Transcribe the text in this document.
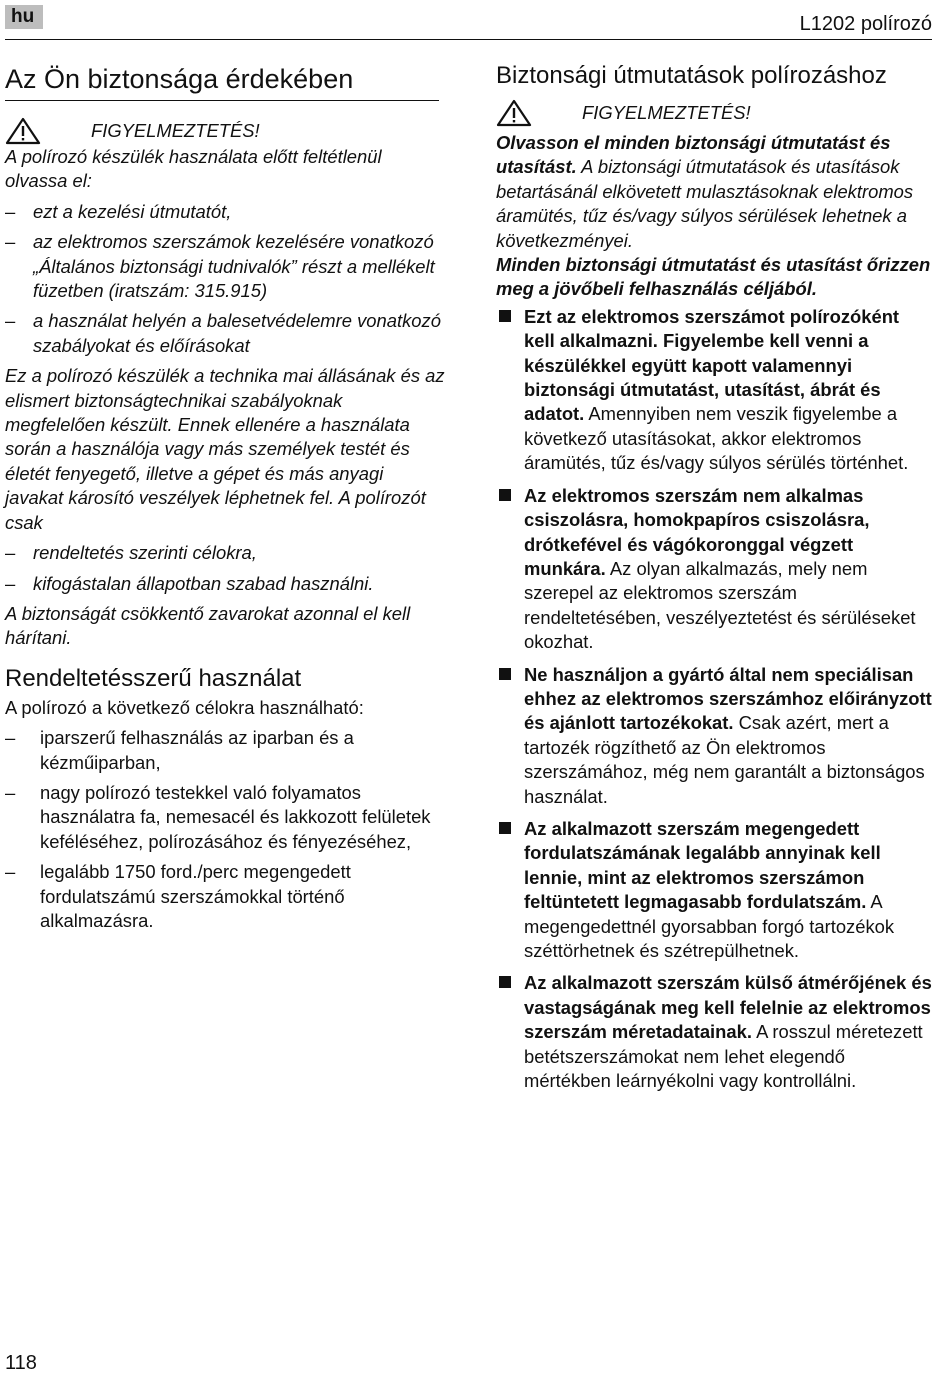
hu	L1202 polírozó
Az Ön biztonsága érdekében
FIGYELMEZTETÉS!

A polírozó készülék használata előtt feltétlenül olvassa el:

– ezt a kezelési útmutatót,
– az elektromos szerszámok kezelésére vonatkozó „Általános biztonsági tudnivalók” részt a mellékelt füzetben (iratszám: 315.915)
– a használat helyén a balesetvédelemre vonatkozó szabályokat és előírásokat

Ez a polírozó készülék a technika mai állásának és az elismert biztonságtechnikai szabályoknak megfelelően készült. Ennek ellenére a használata során a használója vagy más személyek testét és életét fenyegető, illetve a gépet és más anyagi javakat károsító veszélyek léphetnek fel. A polírozót csak

– rendeltetés szerinti célokra,
– kifogástalan állapotban szabad használni.

A biztonságát csökkentő zavarokat azonnal el kell hárítani.

Rendeltetésszerű használat

A polírozó a következő célokra használható:

–	iparszerű felhasználás az iparban és a kézműiparban,
–	nagy polírozó testekkel való folyamatos használatra fa, nemesacél és lakkozott felületek keféléséhez, polírozásához és fényezéséhez,
–	legalább 1750 ford./perc megengedett fordulatszámú szerszámokkal történő alkalmazásra.
Biztonsági útmutatások polírozáshoz
FIGYELMEZTETÉS!

Olvasson el minden biztonsági útmutatást és utasítást. A biztonsági útmutatások és utasítások betartásánál elkövetett mulasztásoknak elektromos áramütés, tűz és/vagy súlyos sérülések lehetnek a következményei.

Minden biztonsági útmutatást és utasítást őrizzen meg a jövőbeli felhasználás céljából.

Ezt az elektromos szerszámot polírozóként kell alkalmazni. Figyelembe kell venni a készülékkel együtt kapott valamennyi biztonsági útmutatást, utasítást, ábrát és adatot. Amennyiben nem veszik figyelembe a következő utasításokat, akkor elektromos áramütés, tűz és/vagy súlyos sérülés történhet.
Az elektromos szerszám nem alkalmas csiszolásra, homokpapíros csiszolásra, drótkefével és vágókoronggal végzett munkára. Az olyan alkalmazás, mely nem szerepel az elektromos szerszám rendeltetésében, veszélyeztetést és sérüléseket okozhat.
Ne használjon a gyártó által nem speciálisan ehhez az elektromos szerszámhoz előirányzott és ajánlott tartozékokat. Csak azért, mert a tartozék rögzíthető az Ön elektromos szerszámához, még nem garantált a biztonságos használat.
Az alkalmazott szerszám megengedett fordulatszámának legalább annyinak kell lennie, mint az elektromos szerszámon feltüntetett legmagasabb fordulatszám. A megengedettnél gyorsabban forgó tartozékok széttörhetnek és szétrepülhetnek.
Az alkalmazott szerszám külső átmérőjének és vastagságának meg kell felelnie az elektromos szerszám méretadatainak. A rosszul méretezett betétszerszámokat nem lehet elegendő mértékben leárnyékolni vagy kontrollálni.
118
